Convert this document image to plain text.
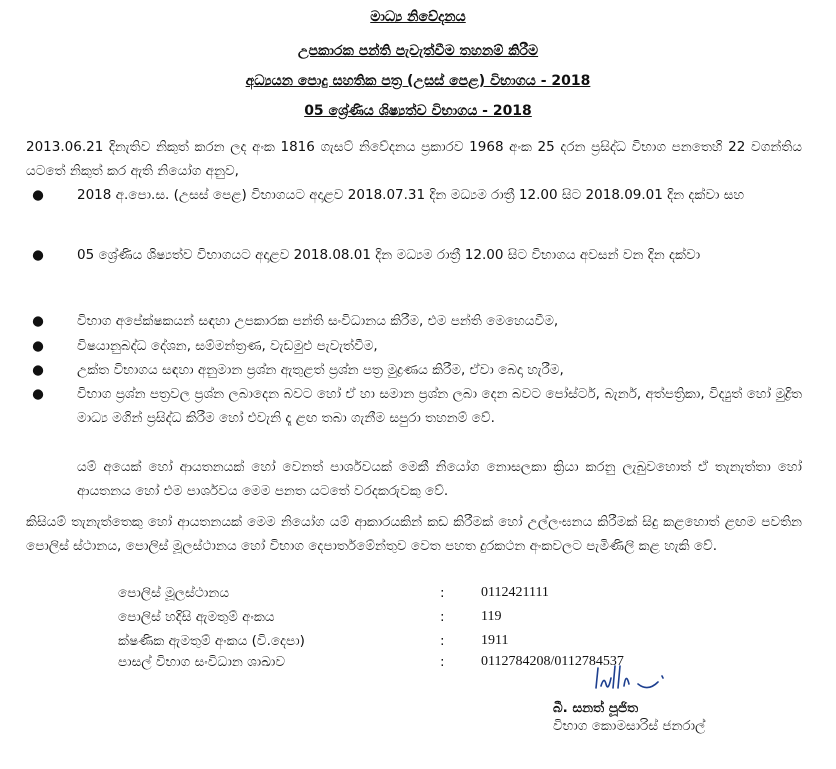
මාධ්‍ය නිවේදනය

උපකාරක පන්ති පැවැත්වීම තහනම් කිරීම

අධ්‍යයන පොදු සහතික පත්‍ර (උසස් පෙළ) විභාගය - 2018

05 ශ්‍රේණිය ශිෂ්‍යත්ව විභාගය - 2018

2013.06.21 දිනැතිව නිකුත් කරන ලද අංක 1816 ගැසට් නිවේදනය ප්‍රකාරව 1968 අංක 25 දරන ප්‍රසිද්ධ විභාග පනතෙහි 22 වගන්තිය යටතේ නිකුත් කර ඇති නියෝග අනුව,

● 2018 අ.පො.ස. (උසස් පෙළ) විභාගයට අදාළව 2018.07.31 දින මධ්‍යම රාත්‍රී 12.00 සිට 2018.09.01 දින දක්වා සහ
● 05 ශ්‍රේණිය ශිෂ්‍යත්ව විභාගයට අදාළව 2018.08.01 දින මධ්‍යම රාත්‍රී 12.00 සිට විභාගය අවසන් වන දින දක්වා
● විභාග අපේක්ෂකයන් සඳහා උපකාරක පන්ති සංවිධානය කිරීම, එම පන්ති මෙහෙයවීම,
● විෂයානුබද්ධ දේශන, සම්මන්ත්‍රණ, වැඩමුළු පැවැත්වීම,
● උක්ත විභාගය සඳහා අනුමාන ප්‍රශ්න ඇතුළත් ප්‍රශ්න පත්‍ර මුද්‍රණය කිරීම, ඒවා බෙදා හැරීම,
● විභාග ප්‍රශ්න පත්‍රවල ප්‍රශ්න ලබාදෙන බවට හෝ ඒ හා සමාන ප්‍රශ්න ලබා දෙන බවට පෝස්ටර්, බැනර්, අත්පත්‍රිකා, විද්‍යුත් හෝ මුද්‍රිත මාධ්‍ය මගින් ප්‍රසිද්ධ කිරීම හෝ එවැනි දෑ ළඟ තබා ගැනීම සපුරා තහනම් වේ.

යම් අයෙක් හෝ ආයතනයක් හෝ වෙනත් පාර්ශවයක් මෙකී නියෝග නොසලකා ක්‍රියා කරනු ලැබුවහොත් ඒ තැනැත්තා හෝ ආයතනය හෝ එම පාර්ශවය මෙම පනත යටතේ වරදකරුවකු වේ.

කිසියම් තැනැත්තෙකු හෝ ආයතනයක් මෙම නියෝග යම් ආකාරයකින් කඩ කිරීමක් හෝ උල්ලංඝනය කිරීමක් සිදු කළහොත් ළඟම පවතින පොලිස් ස්ථානය, පොලිස් මූලස්ථානය හෝ විභාග දෙපාර්තමේන්තුව වෙත පහත දුරකථන අංකවලට පැමිණිලි කළ හැකි වේ.

පොලිස් මූලස්ථානය	:	0112421111
පොලිස් හදිසි ඇමතුම් අංකය	:	119
ක්ෂණික ඇමතුම් අංකය (වි.දෙපා)	:	1911
පාසල් විභාග සංවිධාන ශාඛාව	:	0112784208/0112784537
බී. සනත් පූජිත
විභාග කොමසාරිස් ජනරාල්
